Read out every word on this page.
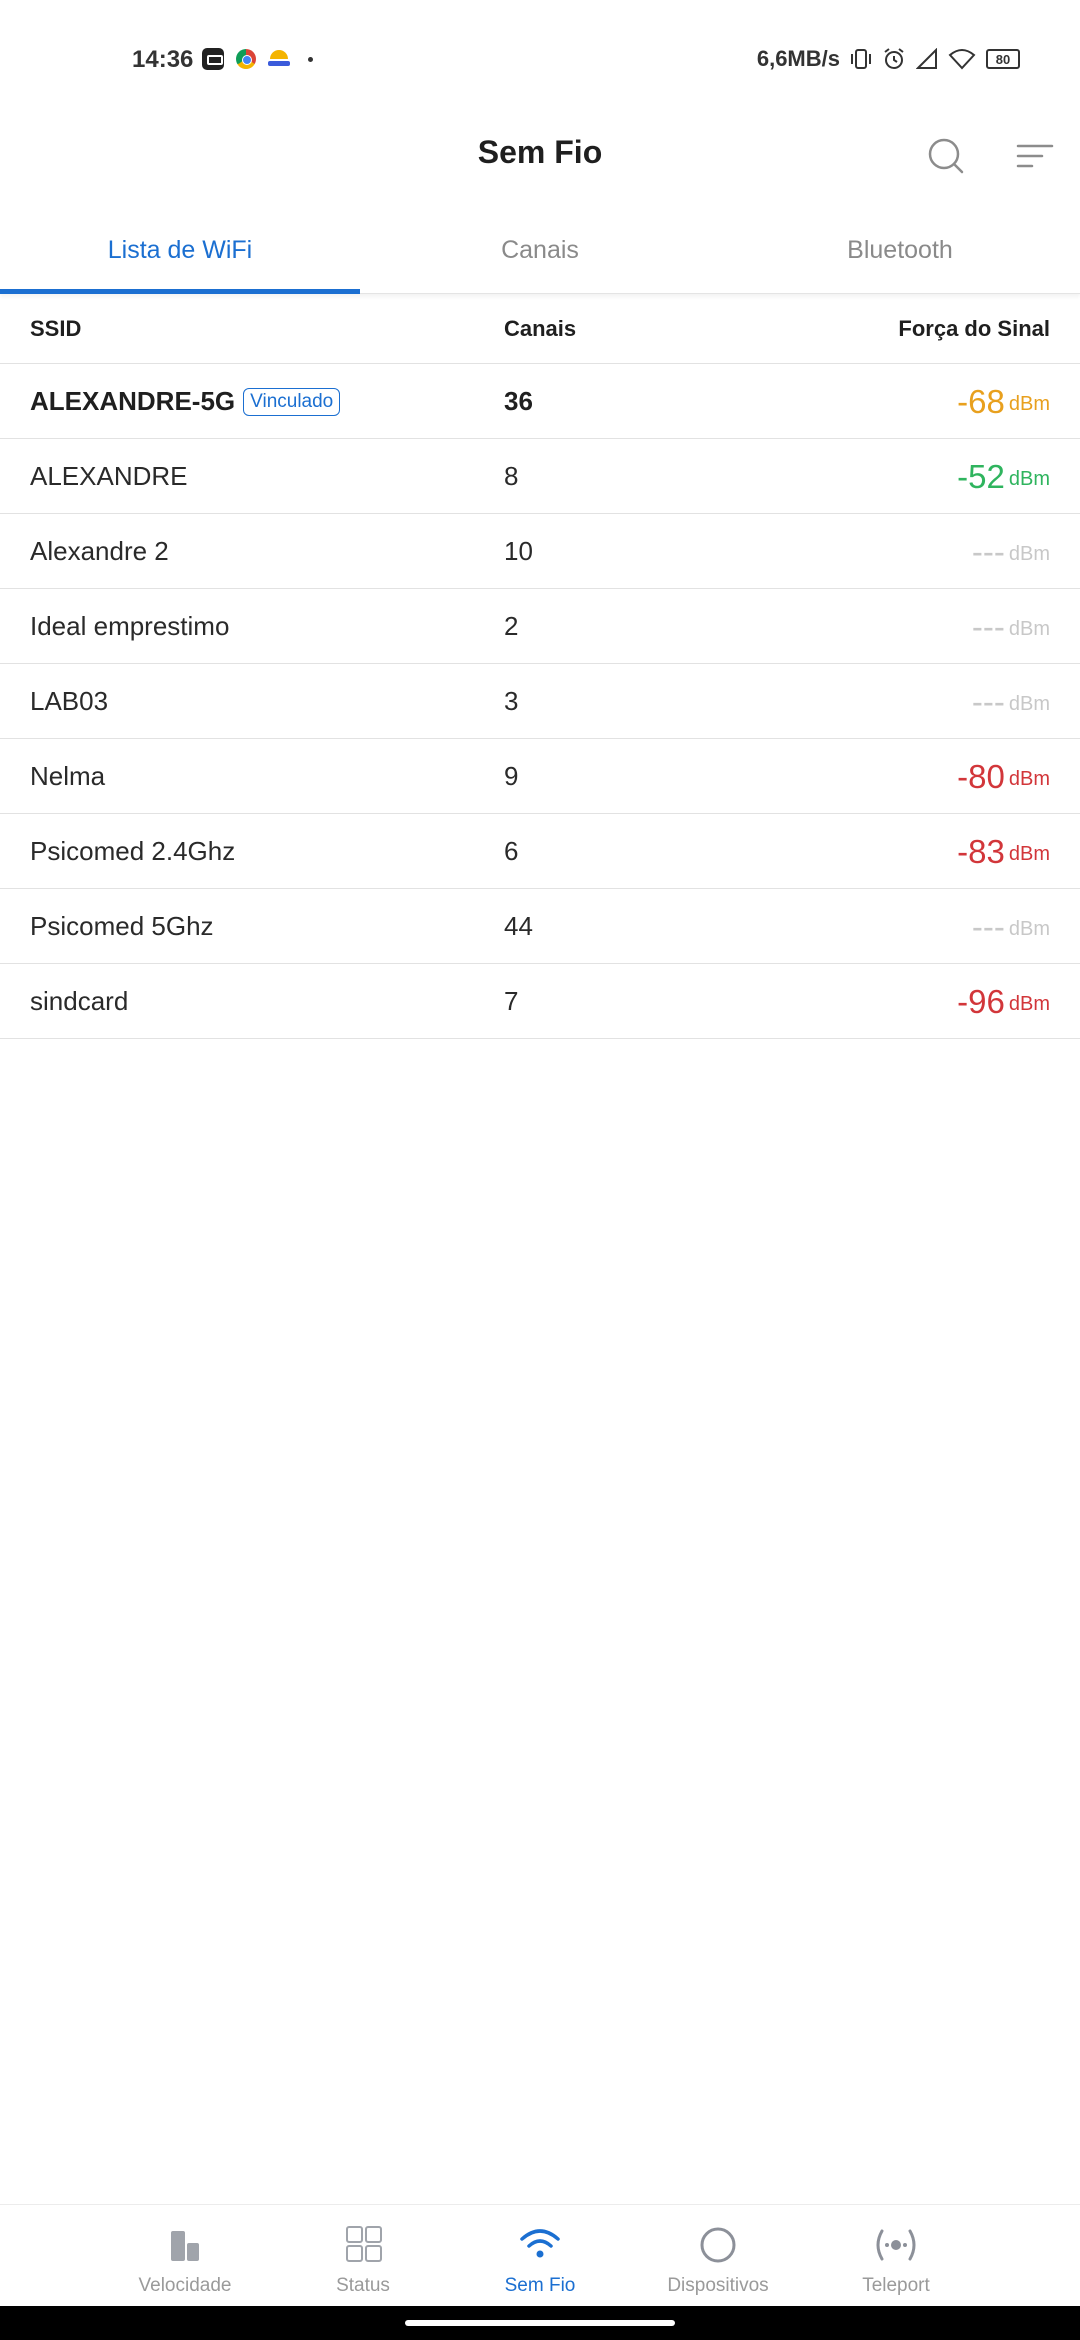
14:36	6,6MB/s	80
Sem Fio
Lista de WiFi	Canais	Bluetooth
SSID	Canais	Força do Sinal
ALEXANDRE-5G Vinculado	36	-68 dBm
ALEXANDRE	8	-52 dBm
Alexandre 2	10	--- dBm
Ideal emprestimo	2	--- dBm
LAB03	3	--- dBm
Nelma	9	-80 dBm
Psicomed 2.4Ghz	6	-83 dBm
Psicomed 5Ghz	44	--- dBm
sindcard	7	-96 dBm
Velocidade	Status	Sem Fio	Dispositivos	Teleport
